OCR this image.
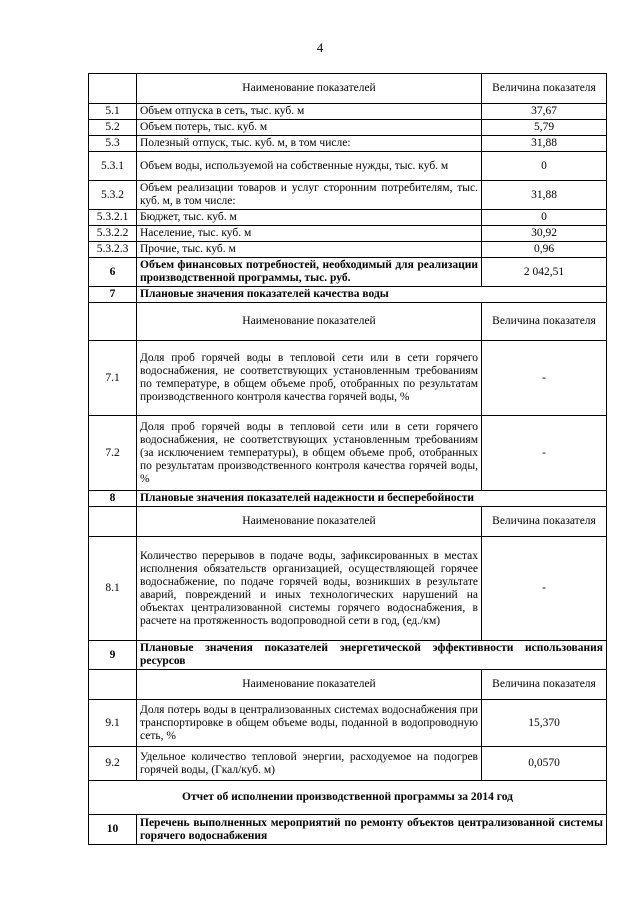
4
	Наименование показателей	Величина показателя
5.1	Объем отпуска в сеть, тыс. куб. м	37,67
5.2	Объем потерь, тыс. куб. м	5,79
5.3	Полезный отпуск, тыс. куб. м, в том числе:	31,88
5.3.1	Объем воды, используемой на собственные нужды, тыс. куб. м	0
5.3.2	Объем реализации товаров и услуг сторонним потребителям, тыс. куб. м, в том числе:	31,88
5.3.2.1	Бюджет, тыс. куб. м	0
5.3.2.2	Население, тыс. куб. м	30,92
5.3.2.3	Прочие, тыс. куб. м	0,96
6	Объем финансовых потребностей, необходимый для реализации производственной программы, тыс. руб.	2 042,51
7	Плановые значения показателей качества воды	
	Наименование показателей	Величина показателя
7.1	Доля проб горячей воды в тепловой сети или в сети горячего водоснабжения, не соответствующих установленным требованиям по температуре, в общем объеме проб, отобранных по результатам производственного контроля качества горячей воды, %	-
7.2	Доля проб горячей воды в тепловой сети или в сети горячего водоснабжения, не соответствующих установленным требованиям (за исключением температуры), в общем объеме проб, отобранных по результатам производственного контроля качества горячей воды, %	-
8	Плановые значения показателей надежности и бесперебойности	
	Наименование показателей	Величина показателя
8.1	Количество перерывов в подаче воды, зафиксированных в местах исполнения обязательств организацией, осуществляющей горячее водоснабжение, по подаче горячей воды, возникших в результате аварий, повреждений и иных технологических нарушений на объектах централизованной системы горячего водоснабжения, в расчете на протяженность водопроводной сети в год, (ед./км)	-
9	Плановые значения показателей энергетической эффективности использования ресурсов	
	Наименование показателей	Величина показателя
9.1	Доля потерь воды в централизованных системах водоснабжения при транспортировке в общем объеме воды, поданной в водопроводную сеть, %	15,370
9.2	Удельное количество тепловой энергии, расходуемое на подогрев горячей воды, (Гкал/куб. м)	0,0570
Отчет об исполнении производственной программы за 2014 год		
10	Перечень выполненных мероприятий по ремонту объектов централизованной системы горячего водоснабжения	
